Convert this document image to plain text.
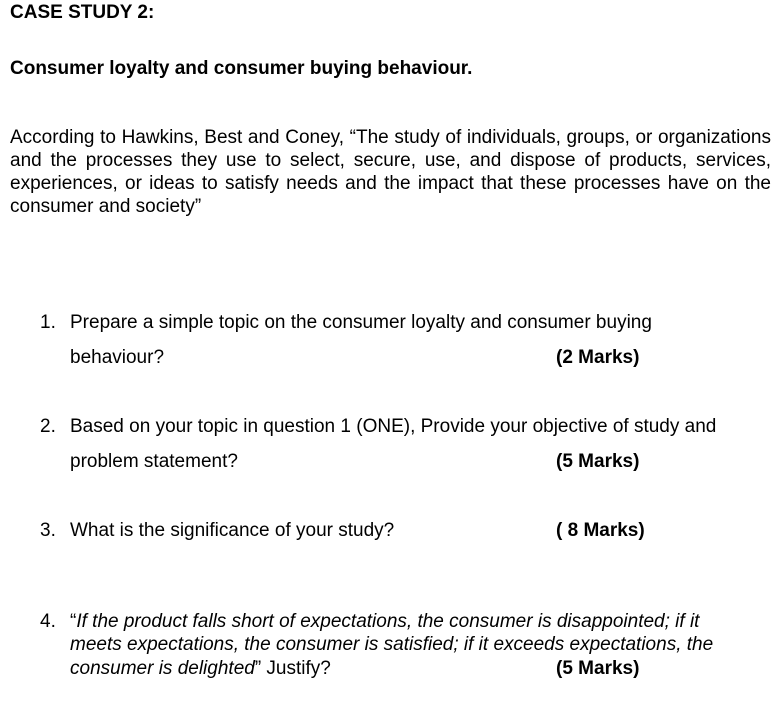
CASE STUDY 2:
Consumer loyalty and consumer buying behaviour.
According to Hawkins, Best and Coney, “The study of individuals, groups, or organizations and the processes they use to select, secure, use, and dispose of products, services, experiences, or ideas to satisfy needs and the impact that these processes have on the consumer and society”
1. Prepare a simple topic on the consumer loyalty and consumer buying
behaviour?	(2 Marks)
2. Based on your topic in question 1 (ONE), Provide your objective of study and
problem statement?	(5 Marks)
3. What is the significance of your study?	( 8 Marks)
4. “If the product falls short of expectations, the consumer is disappointed; if it
meets expectations, the consumer is satisfied; if it exceeds expectations, the
consumer is delighted” Justify?	(5 Marks)
